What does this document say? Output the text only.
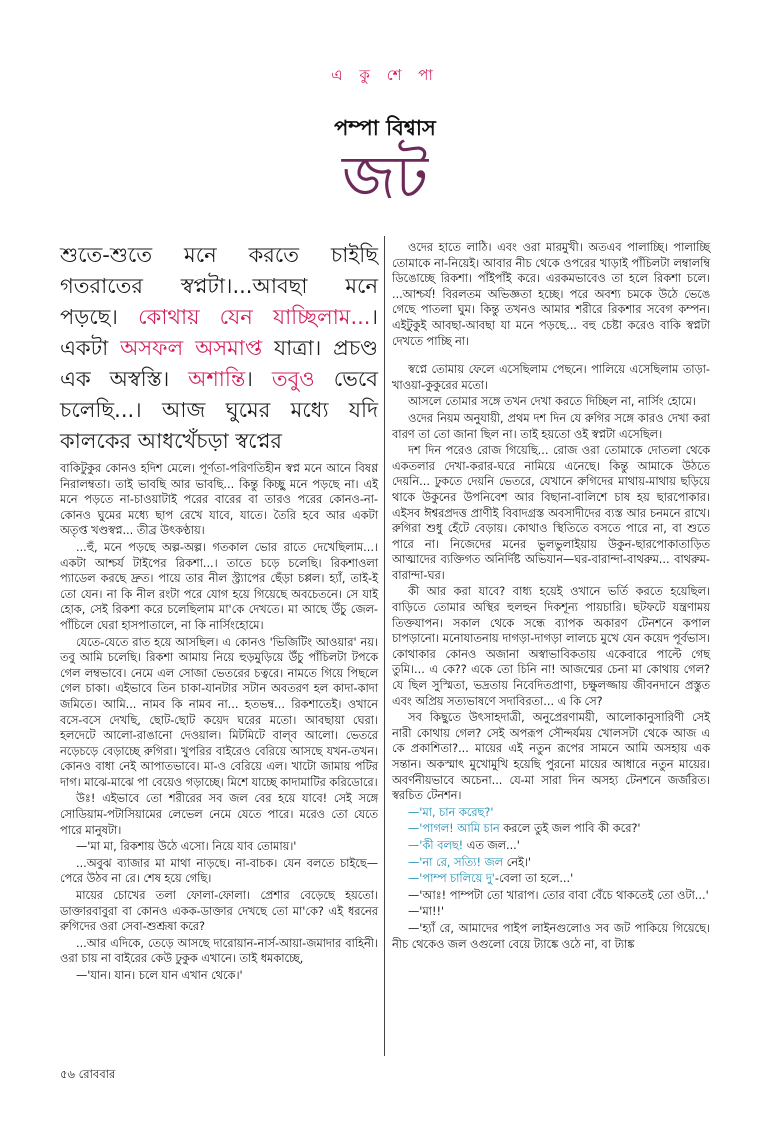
এ কু শে পা
পম্পা বিশ্বাস
জট
শুতে-শুতে মনে করতে চাইছি গতরাতের স্বপ্নটা।...আবছা মনে পড়ছে। কোথায় যেন যাচ্ছিলাম...। একটা অসফল অসমাপ্ত যাত্রা। প্রচণ্ড এক অস্বস্তি। অশান্তি। তবুও ভেবে চলেছি...। আজ ঘুমের মধ্যে যদি কালকের আধখেঁচড়া স্বপ্নের

বাকিটুকুর কোনও হদিশ মেলে। পূর্ণতা-পরিণতিহীন স্বপ্ন মনে আনে বিষণ্ণ নিরালম্বতা। তাই ভাবছি আর ভাবছি... কিন্তু কিচ্ছু মনে পড়ছে না। এই মনে পড়তে না-চাওয়াটাই পরের বারের বা তারও পরের কোনও-না-কোনও ঘুমের মধ্যে ছাপ রেখে যাবে, যাতে। তৈরি হবে আর একটা অতৃপ্ত খণ্ডস্বপ্ন... তীব্র উৎকণ্ঠায়।

...হুঁ, মনে পড়ছে অল্প-অল্প। গতকাল ভোর রাতে দেখেছিলাম...। একটা আশ্চর্য টাইপের রিকশা...। তাতে চড়ে চলেছি। রিকশাওলা প্যাডেল করছে দ্রুত। পায়ে তার নীল স্ট্র্যাপের ছেঁড়া চপ্পল। হ্যাঁ, তাই-ই তো যেন। না কি নীল রংটা পরে যোগ হয়ে গিয়েছে অবচেতনে। সে যাই হোক, সেই রিকশা করে চলেছিলাম মা'কে দেখতে। মা আছে উঁচু জেল-পাঁচিলে ঘেরা হাসপাতালে, না কি নার্সিংহোমে।

যেতে-যেতে রাত হয়ে আসছিল। এ কোনও 'ভিজিটিং আওয়ার' নয়। তবু আমি চলেছি। রিকশা আমায় নিয়ে হুড়মুড়িয়ে উঁচু পাঁচিলটা টপকে গেল লম্বভাবে। নেমে এল সোজা ভেতরের চত্বরে। নামতে গিয়ে পিছলে গেল চাকা। এইভাবে তিন চাকা-যানটার সটান অবতরণ হল কাদা-কাদা জমিতে। আমি... নামব কি নামব না... হতভম্ব... রিকশাতেই। ওখানে বসে-বসে দেখছি, ছোট-ছোট কয়েদ ঘরের মতো। আবছায়া ঘেরা। হলদেটে আলো-রাঙানো দেওয়াল। মিটমিটে বাল্‌ব আলো। ভেতরে নড়েচড়ে বেড়াচ্ছে রুগিরা। খুপরির বাইরেও বেরিয়ে আসছে যখন-তখন। কোনও বাধা নেই আপাতভাবে। মা-ও বেরিয়ে এল। খাটো জামায় পটির দাগ। মাঝে-মাঝে পা বেয়েও গড়াচ্ছে। মিশে যাচ্ছে কাদামাটির করিডোরে।

উঃ! এইভাবে তো শরীরের সব জল বের হয়ে যাবে! সেই সঙ্গে সোডিয়াম-পটাসিয়ামের লেভেল নেমে যেতে পারে। মরেও তো যেতে পারে মানুষটা।

—'মা মা, রিকশায় উঠে এসো। নিয়ে যাব তোমায়।'

...অবুঝ ব্যাজার মা মাথা নাড়ছে। না-বাচক। যেন বলতে চাইছে—পেরে উঠব না রে। শেষ হয়ে গেছি।

মায়ের চোখের তলা ফোলা-ফোলা। প্রেশার বেড়েছে হয়তো। ডাক্তারবাবুরা বা কোনও একক-ডাক্তার দেখছে তো মা'কে? এই ধরনের রুগিদের ওরা সেবা-শুশ্রূষা করে?

...আর এদিকে, তেড়ে আসছে দারোয়ান-নার্স-আয়া-জমাদার বাহিনী। ওরা চায় না বাইরের কেউ ঢুকুক এখানে। তাই ধমকাচ্ছে,

—'যান। যান। চলে যান এখান থেকে।'

ওদের হাতে লাঠি। এবং ওরা মারমুখী। অতএব পালাচ্ছি। পালাচ্ছি তোমাকে না-নিয়েই। আবার নীচ থেকে ওপরের খাড়াই পাঁচিলটা লম্বালম্বি ডিঙোচ্ছে রিকশা। পাঁইপাঁই করে। এরকমভাবেও তা হলে রিকশা চলে। ...আশ্চর্য! বিরলতম অভিজ্ঞতা হচ্ছে। পরে অবশ্য চমকে উঠে ভেঙে গেছে পাতলা ঘুম। কিন্তু তখনও আমার শরীরে রিকশার সবেগ কম্পন। এইটুকুই আবছা-আবছা যা মনে পড়ছে... বহু চেষ্টা করেও বাকি স্বপ্নটা দেখতে পাচ্ছি না।

স্বপ্নে তোমায় ফেলে এসেছিলাম পেছনে। পালিয়ে এসেছিলাম তাড়া-খাওয়া-কুকুরের মতো।

আসলে তোমার সঙ্গে তখন দেখা করতে দিচ্ছিল না, নার্সিং হোমে।

ওদের নিয়ম অনুযায়ী, প্রথম দশ দিন যে রুগির সঙ্গে কারও দেখা করা বারণ তা তো জানা ছিল না। তাই হয়তো ওই স্বপ্নটা এসেছিল।

দশ দিন পরেও রোজ গিয়েছি... রোজ ওরা তোমাকে দোতলা থেকে একতলার দেখা-করার-ঘরে নামিয়ে এনেছে। কিন্তু আমাকে উঠতে দেয়নি... ঢুকতে দেয়নি ভেতরে, যেখানে রুগিদের মাথায়-মাথায় ছড়িয়ে থাকে উকুনের উপনিবেশ আর বিছানা-বালিশে চাষ হয় ছারপোকার। এইসব ঈশ্বরপ্রদত্ত প্রাণীই বিবাদগ্রস্ত অবসাদীদের ব্যস্ত আর চনমনে রাখে। রুগিরা শুধু হেঁটে বেড়ায়। কোথাও স্থিতিতে বসতে পারে না, বা শুতে পারে না। নিজেদের মনের ভুলভুলাইয়ায় উকুন-ছারপোকাতাড়িত আত্মাদের ব্যক্তিগত অনির্দিষ্ট অভিযান—ঘর-বারান্দা-বাথরুম... বাথরুম-বারান্দা-ঘর।

কী আর করা যাবে? বাধ্য হয়েই ওখানে ভর্তি করতে হয়েছিল। বাড়িতে তোমার অস্থির হুলহুন দিকশূন্য পায়চারি। ছটফটে যন্ত্রণাময় তিক্তযাপন। সকাল থেকে সন্ধে ব্যাপক অকারণ টেনশনে কপাল চাপড়ানো। মনোযাতনায় দাগড়া-দাগড়া লালচে মুখে যেন কয়েদ পূর্বভাস। কোথাকার কোনও অজানা অস্বাভাবিকতায় একেবারে পাল্টে গেছ তুমি।... এ কে?? একে তো চিনি না! আজন্মের চেনা মা কোথায় গেল? যে ছিল সুস্মিতা, ভদ্রতায় নিবেদিতপ্রাণা, চক্ষুলজ্জায় জীবনদানে প্রস্তুত এবং অপ্রিয় সত্যভাষণে সদাবিরতা... এ কি সে?

সব কিছুতে উৎসাহদাত্রী, অনুপ্রেরণাময়ী, আলোকানুসারিণী সেই নারী কোথায় গেল? সেই অপরূপ সৌন্দর্যময় খোলসটা থেকে আজ এ কে প্রকাশিতা?... মায়ের এই নতুন রূপের সামনে আমি অসহায় এক সন্তান। অকস্মাৎ মুখোমুখি হয়েছি পুরনো মায়ের আধারে নতুন মায়ের। অবর্ণনীয়ভাবে অচেনা... যে-মা সারা দিন অসহ্য টেনশনে জর্জরিত। স্বরচিত টেনশন।

—'মা, চান করেছ?'

—'পাগল! আমি চান করলে তুই জল পাবি কী করে?'

—'কী বলছ! এত জল...'

—'না রে, সত্যি! জল নেই।'

—'পাম্প চালিয়ে দু'-বেলা তা হলে...'

—'আঃ! পাম্পটা তো খারাপ। তোর বাবা বেঁচে থাকতেই তো ওটা...'

—'মা!!'

—'হ্যাঁ রে, আমাদের পাইপ লাইনগুলোও সব জট পাকিয়ে গিয়েছে। নীচ থেকেও জল ওগুলো বেয়ে ট্যাঙ্কে ওঠে না, বা ট্যাঙ্ক

৫৬ রোববার
